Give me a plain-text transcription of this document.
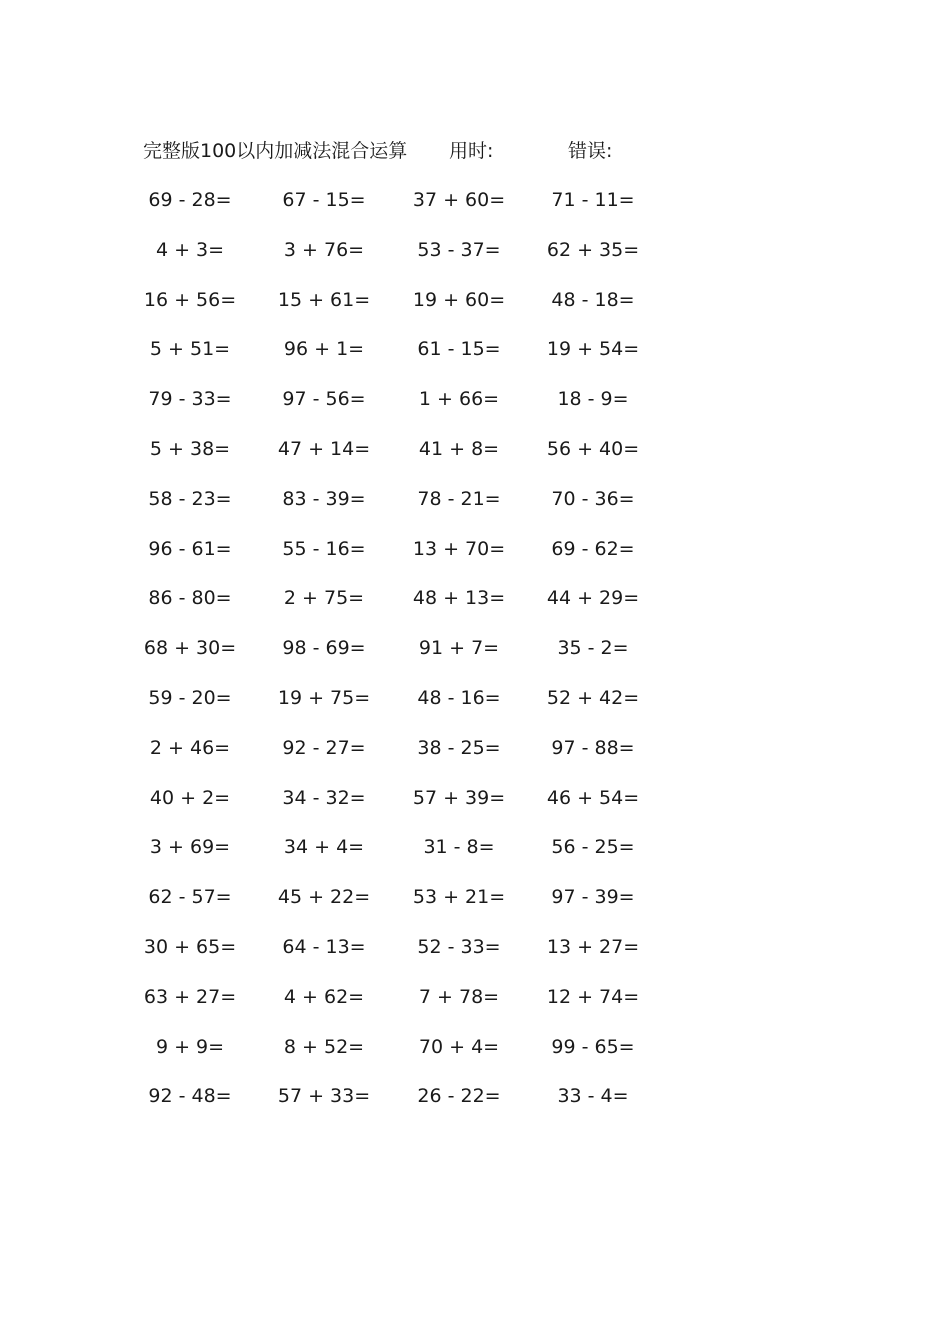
完整版100以内加减法混合运算 用时:	错误:
69 - 28=	67 - 15=	37 + 60=	71 - 11=
4 + 3=	3 + 76=	53 - 37=	62 + 35=
16 + 56=	15 + 61=	19 + 60=	48 - 18=
5 + 51=	96 + 1=	61 - 15=	19 + 54=
79 - 33=	97 - 56=	1 + 66=	18 - 9=
5 + 38=	47 + 14=	41 + 8=	56 + 40=
58 - 23=	83 - 39=	78 - 21=	70 - 36=
96 - 61=	55 - 16=	13 + 70=	69 - 62=
86 - 80=	2 + 75=	48 + 13=	44 + 29=
68 + 30=	98 - 69=	91 + 7=	35 - 2=
59 - 20=	19 + 75=	48 - 16=	52 + 42=
2 + 46=	92 - 27=	38 - 25=	97 - 88=
40 + 2=	34 - 32=	57 + 39=	46 + 54=
3 + 69=	34 + 4=	31 - 8=	56 - 25=
62 - 57=	45 + 22=	53 + 21=	97 - 39=
30 + 65=	64 - 13=	52 - 33=	13 + 27=
63 + 27=	4 + 62=	7 + 78=	12 + 74=
9 + 9=	8 + 52=	70 + 4=	99 - 65=
92 - 48=	57 + 33=	26 - 22=	33 - 4=
